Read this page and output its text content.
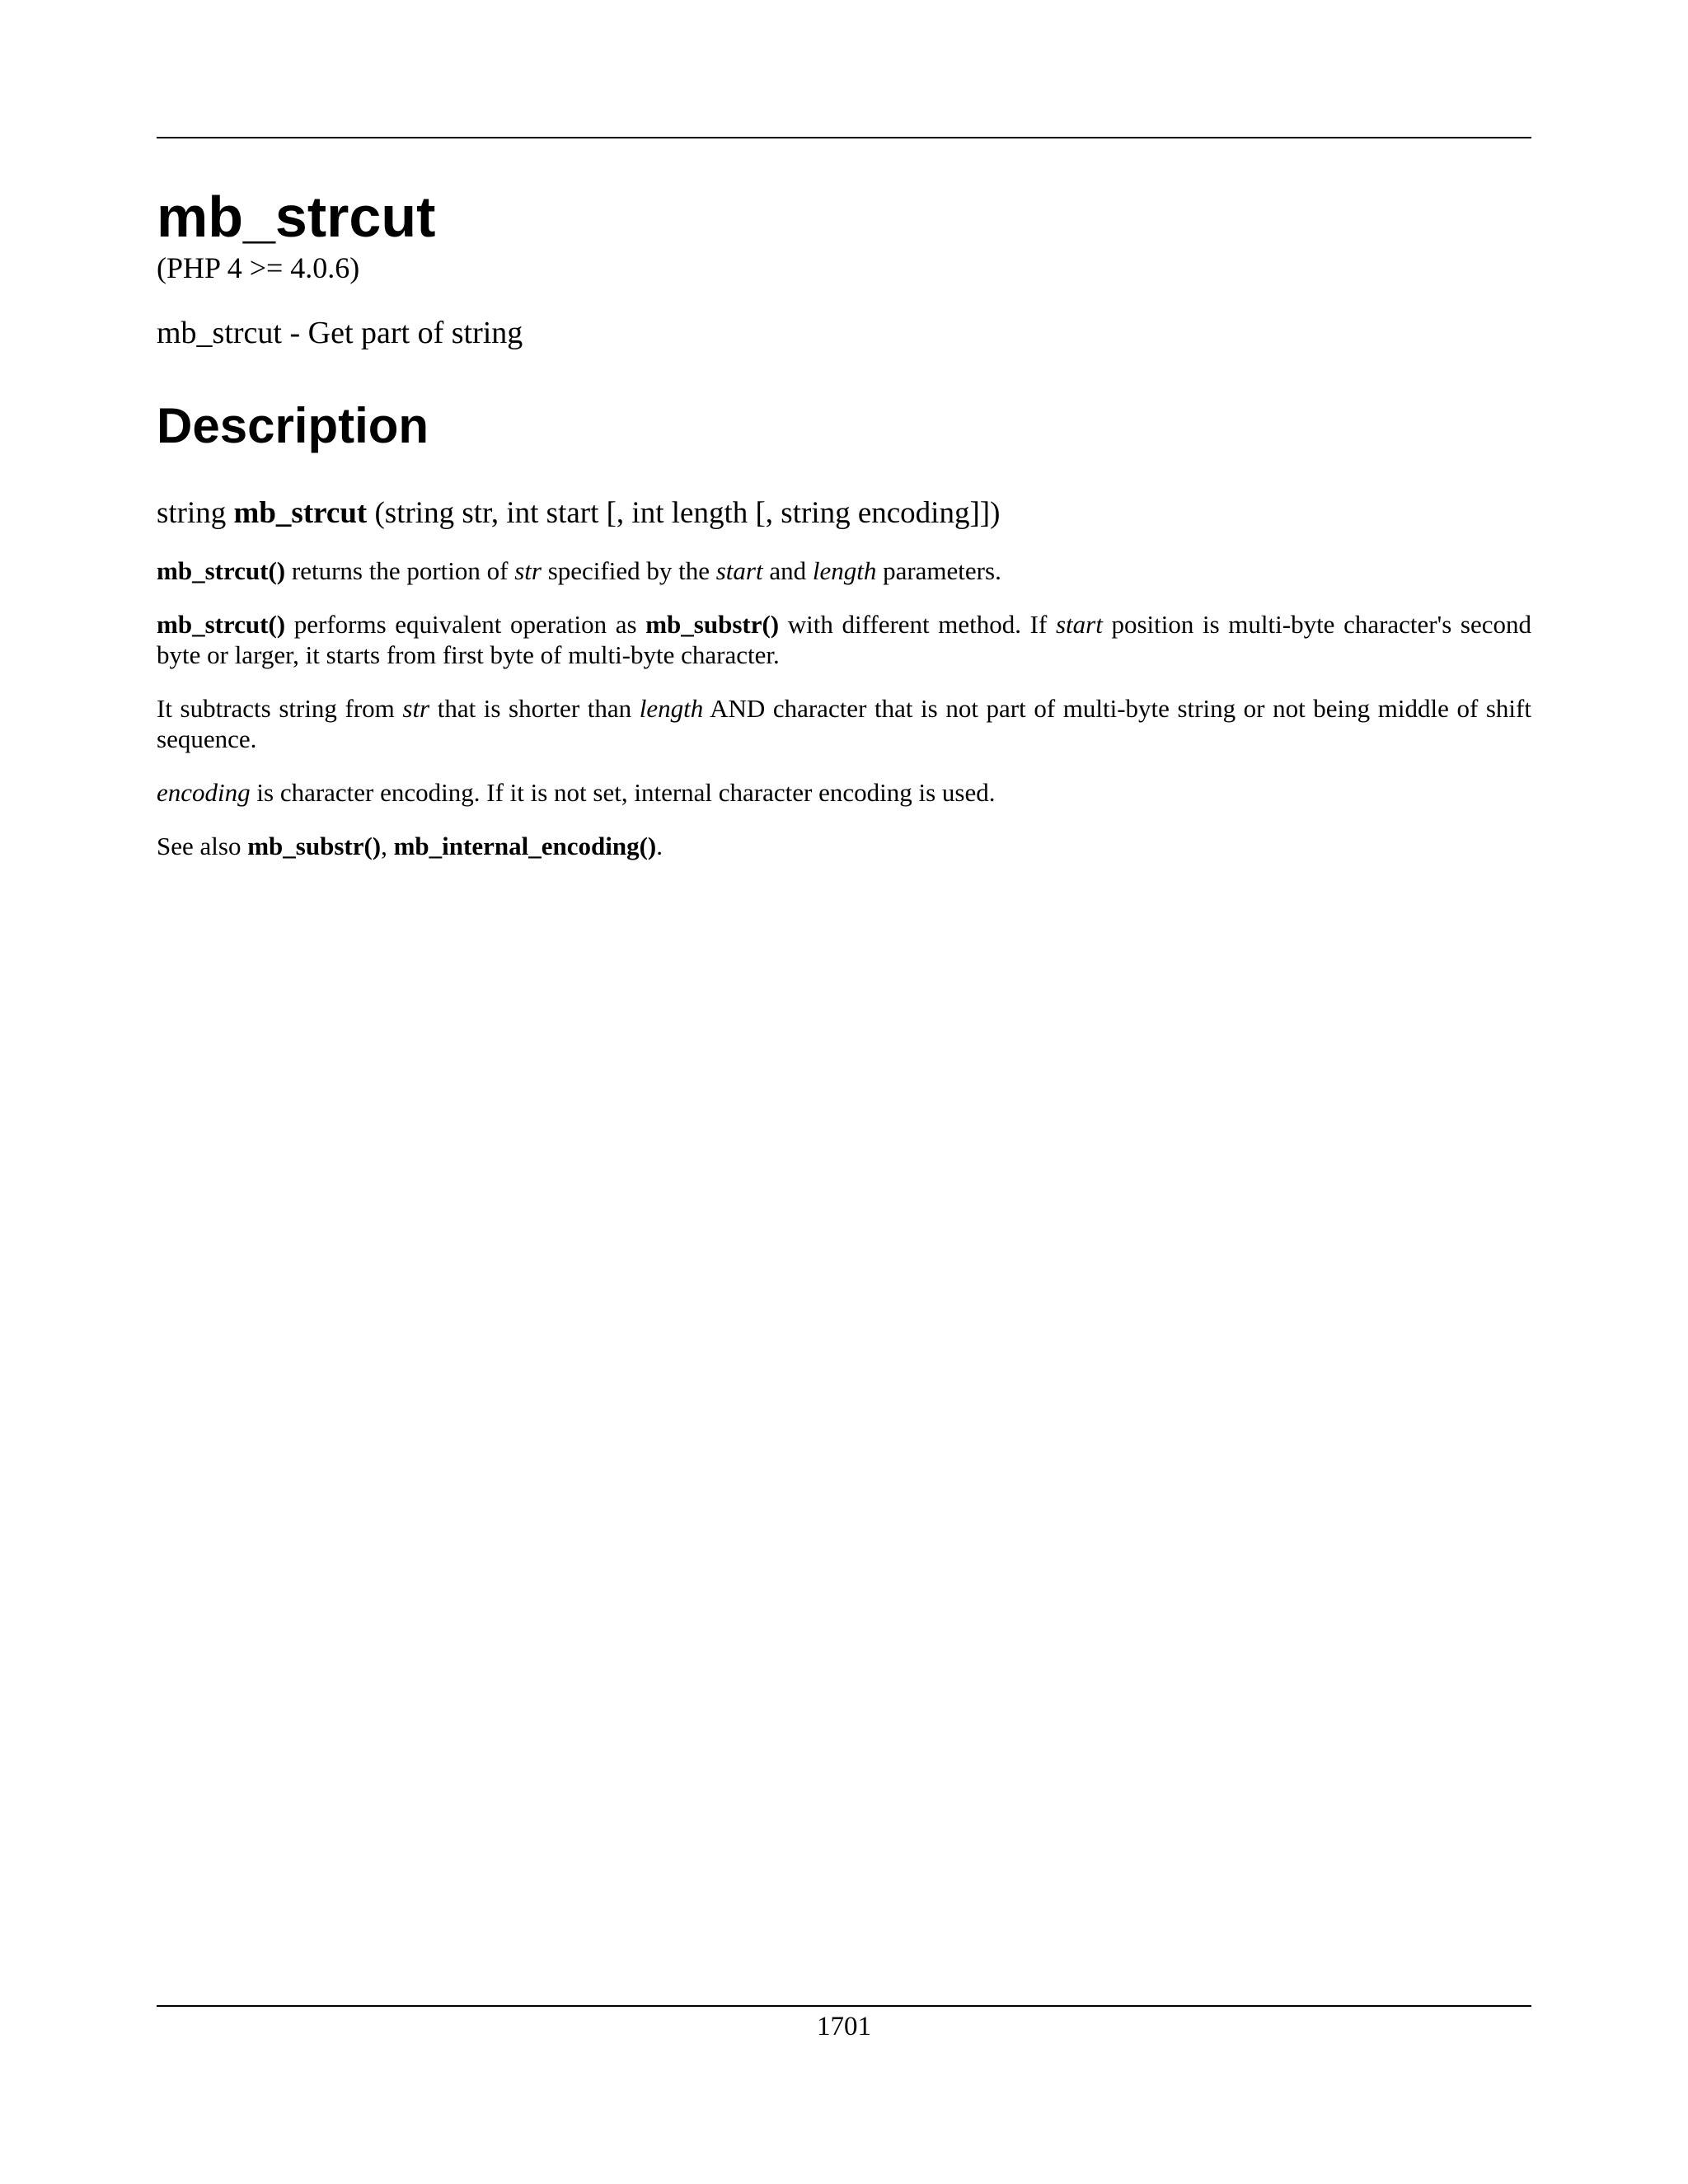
mb_strcut
(PHP 4 >= 4.0.6)
mb_strcut - Get part of string
Description
string mb_strcut (string str, int start [, int length [, string encoding]])

mb_strcut() returns the portion of str specified by the start and length parameters.

mb_strcut() performs equivalent operation as mb_substr() with different method. If start position is multi-byte character's second byte or larger, it starts from first byte of multi-byte character.

It subtracts string from str that is shorter than length AND character that is not part of multi-byte string or not being middle of shift sequence.

encoding is character encoding. If it is not set, internal character encoding is used.

See also mb_substr(), mb_internal_encoding().

1701
